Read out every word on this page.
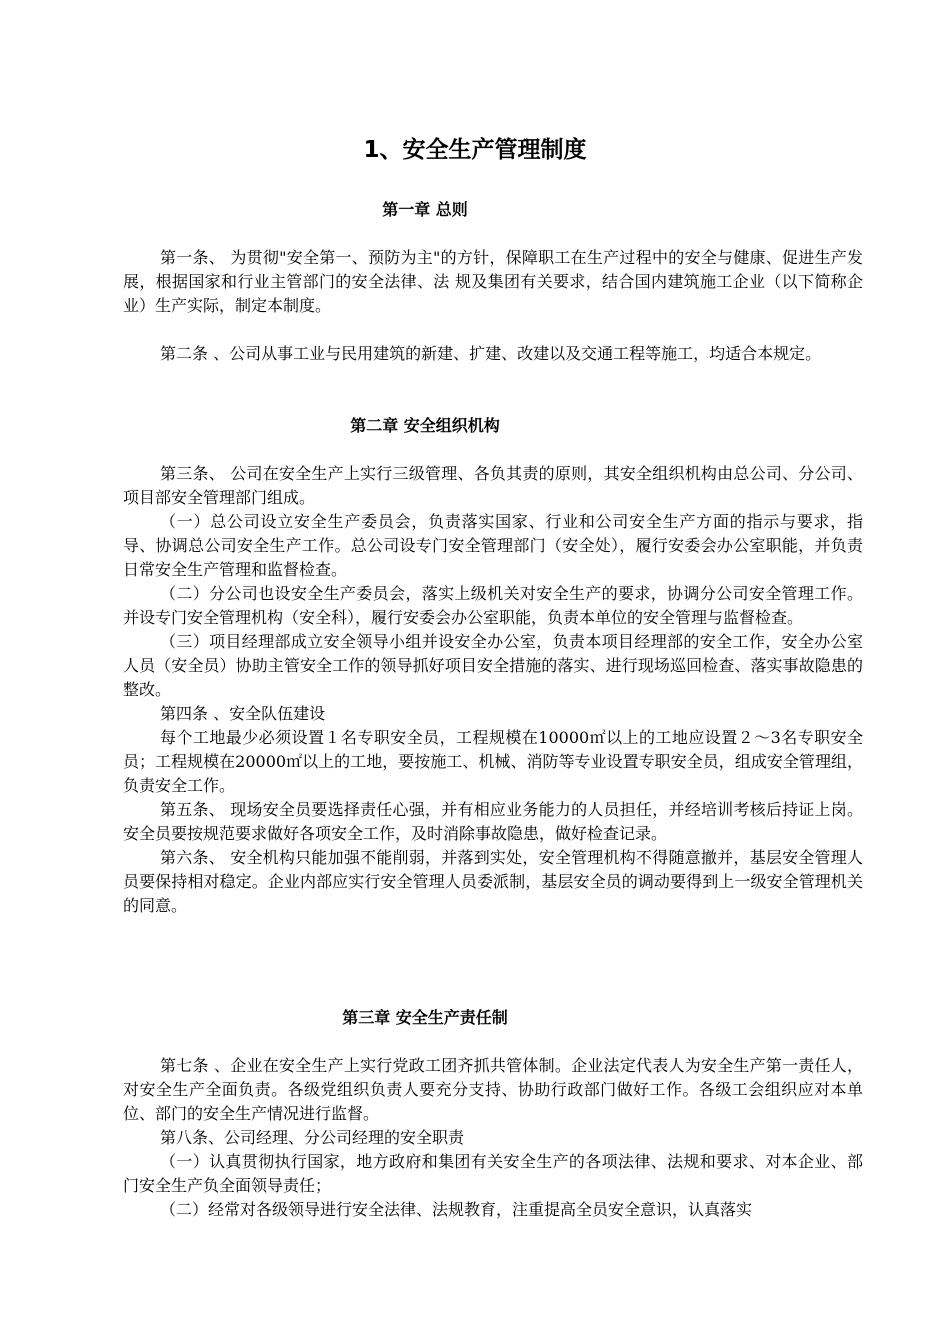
1、安全生产管理制度
第一章 总则

第一条、 为贯彻"安全第一、预防为主"的方针，保障职工在生产过程中的安全与健康、促进生产发展，根据国家和行业主管部门的安全法律、法 规及集团有关要求，结合国内建筑施工企业（以下简称企业）生产实际，制定本制度。

第二条 、公司从事工业与民用建筑的新建、扩建、改建以及交通工程等施工，均适合本规定。

第二章 安全组织机构

第三条、 公司在安全生产上实行三级管理、各负其责的原则，其安全组织机构由总公司、分公司、项目部安全管理部门组成。

（一）总公司设立安全生产委员会，负责落实国家、行业和公司安全生产方面的指示与要求，指导、协调总公司安全生产工作。总公司设专门安全管理部门（安全处），履行安委会办公室职能，并负责日常安全生产管理和监督检查。

（二）分公司也设安全生产委员会，落实上级机关对安全生产的要求，协调分公司安全管理工作。并设专门安全管理机构（安全科），履行安委会办公室职能，负责本单位的安全管理与监督检查。

（三）项目经理部成立安全领导小组并设安全办公室，负责本项目经理部的安全工作，安全办公室人员（安全员）协助主管安全工作的领导抓好项目安全措施的落实、进行现场巡回检查、落实事故隐患的整改。

第四条 、安全队伍建设

每个工地最少必须设置１名专职安全员，工程规模在10000㎡以上的工地应设置２～3名专职安全员；工程规模在20000㎡以上的工地，要按施工、机械、消防等专业设置专职安全员，组成安全管理组，负责安全工作。

第五条、 现场安全员要选择责任心强，并有相应业务能力的人员担任，并经培训考核后持证上岗。安全员要按规范要求做好各项安全工作，及时消除事故隐患，做好检查记录。

第六条、 安全机构只能加强不能削弱，并落到实处，安全管理机构不得随意撤并，基层安全管理人员要保持相对稳定。企业内部应实行安全管理人员委派制，基层安全员的调动要得到上一级安全管理机关的同意。

第三章 安全生产责任制

第七条 、企业在安全生产上实行党政工团齐抓共管体制。企业法定代表人为安全生产第一责任人，对安全生产全面负责。各级党组织负责人要充分支持、协助行政部门做好工作。各级工会组织应对本单位、部门的安全生产情况进行监督。

第八条、公司经理、分公司经理的安全职责

（一）认真贯彻执行国家，地方政府和集团有关安全生产的各项法律、法规和要求、对本企业、部门安全生产负全面领导责任；

（二）经常对各级领导进行安全法律、法规教育，注重提高全员安全意识，认真落实
